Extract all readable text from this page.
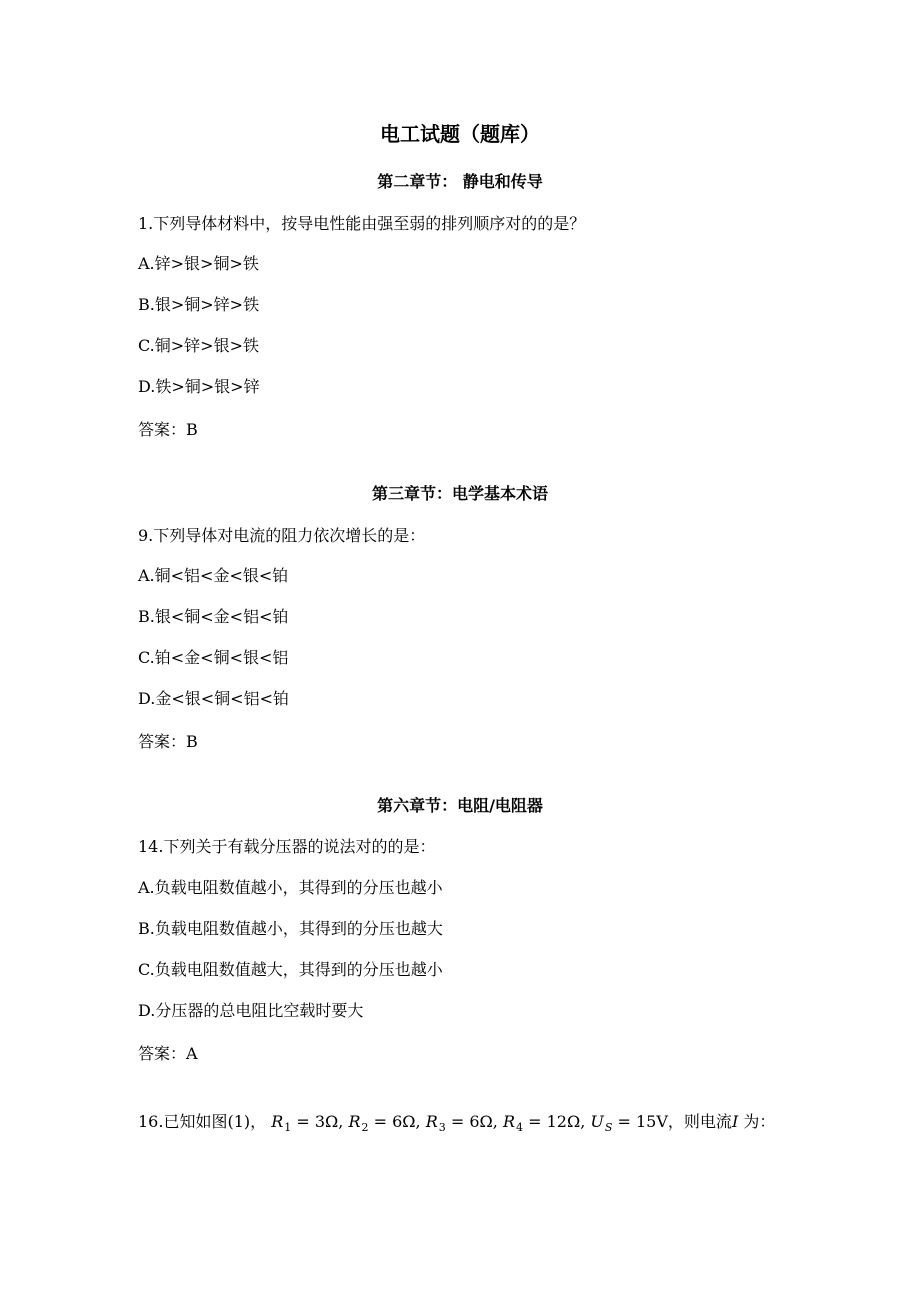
电工试题（题库）
第二章节： 静电和传导
1.下列导体材料中，按导电性能由强至弱的排列顺序对的的是？
A.锌>银>铜>铁
B.银>铜>锌>铁
C.铜>锌>银>铁
D.铁>铜>银>锌
答案：B
第三章节：电学基本术语
9.下列导体对电流的阻力依次增长的是：
A.铜<铝<金<银<铂
B.银<铜<金<铝<铂
C.铂<金<铜<银<铝
D.金<银<铜<铝<铂
答案：B
第六章节：电阻/电阻器
14.下列关于有载分压器的说法对的的是：
A.负载电阻数值越小，其得到的分压也越小
B.负载电阻数值越小，其得到的分压也越大
C.负载电阻数值越大，其得到的分压也越小
D.分压器的总电阻比空载时要大
答案：A
16.已知如图(1)， $R_1 = 3\Omega$, $R_2 = 6\Omega$, $R_3 = 6\Omega$, $R_4 = 12\Omega$, $U_S = 15V$，则电流I 为：
